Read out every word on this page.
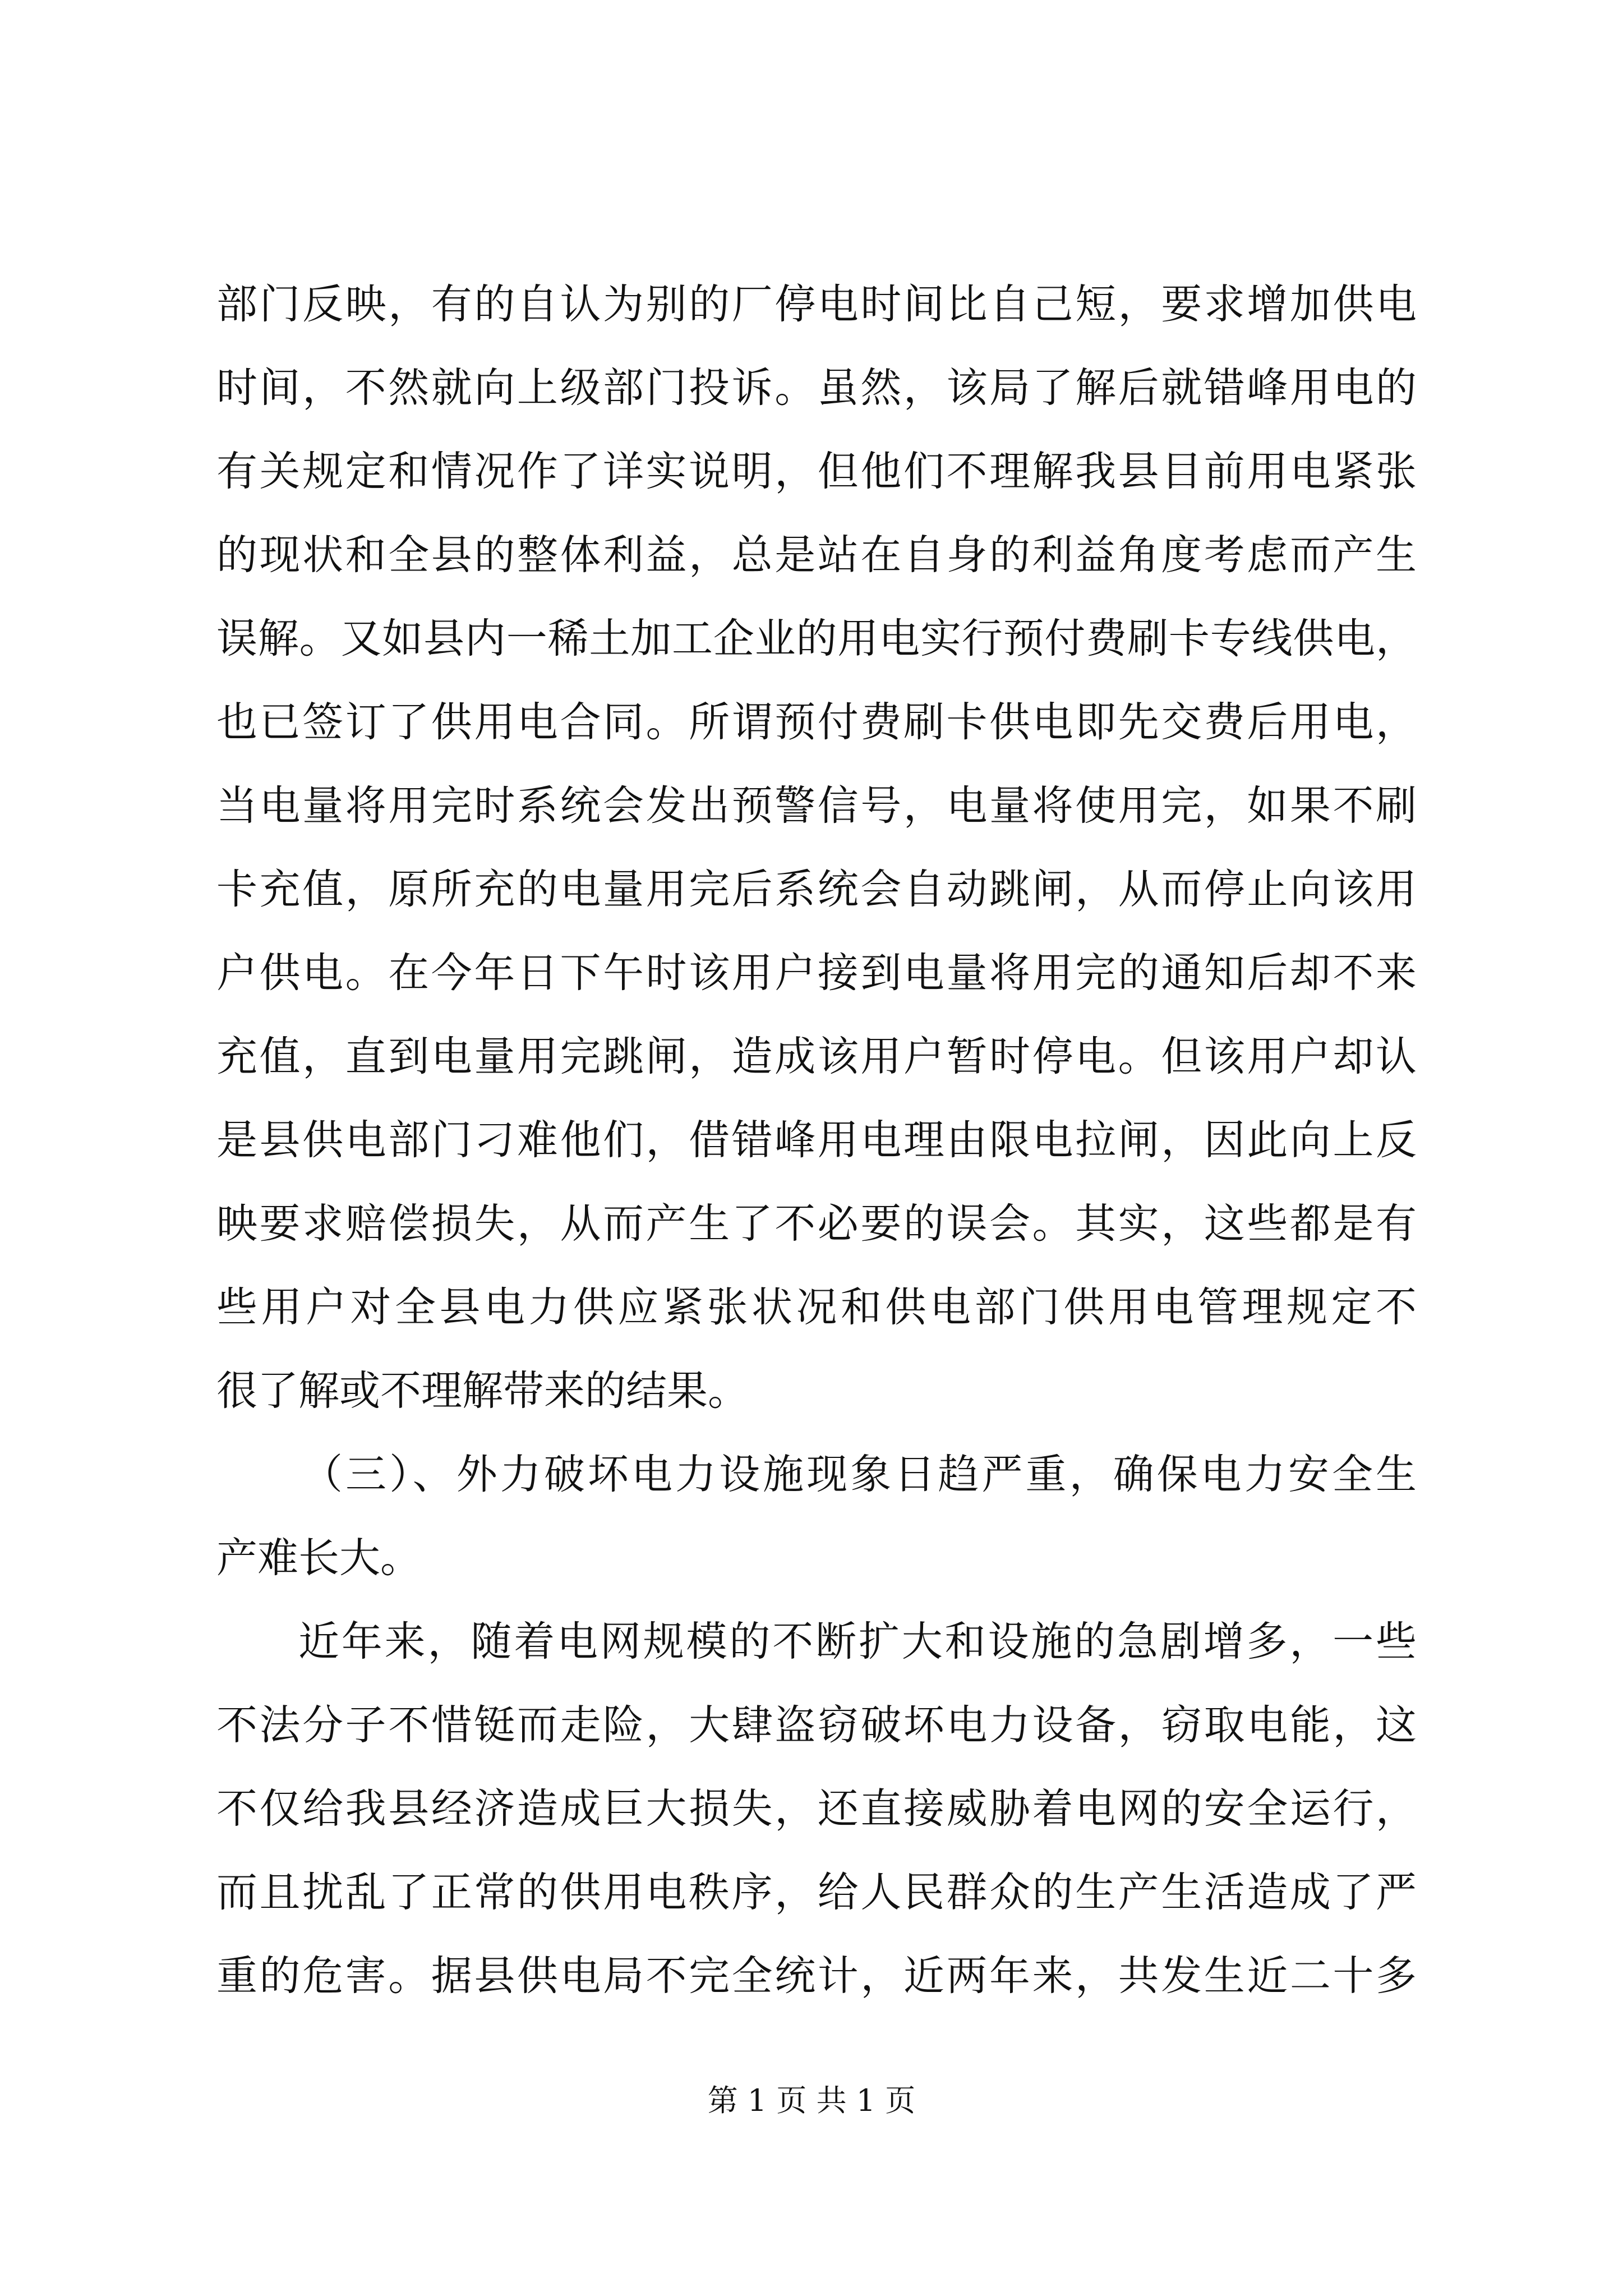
部门反映，有的自认为别的厂停电时间比自己短，要求增加供电
时间，不然就向上级部门投诉。虽然，该局了解后就错峰用电的
有关规定和情况作了详实说明，但他们不理解我县目前用电紧张
的现状和全县的整体利益，总是站在自身的利益角度考虑而产生
误解。又如县内一稀土加工企业的用电实行预付费刷卡专线供电，
也已签订了供用电合同。所谓预付费刷卡供电即先交费后用电，
当电量将用完时系统会发出预警信号，电量将使用完，如果不刷
卡充值，原所充的电量用完后系统会自动跳闸，从而停止向该用
户供电。在今年日下午时该用户接到电量将用完的通知后却不来
充值，直到电量用完跳闸，造成该用户暂时停电。但该用户却认
是县供电部门刁难他们，借错峰用电理由限电拉闸，因此向上反
映要求赔偿损失，从而产生了不必要的误会。其实，这些都是有
些用户对全县电力供应紧张状况和供电部门供用电管理规定不
很了解或不理解带来的结果。
（三）、外力破坏电力设施现象日趋严重，确保电力安全生
产难长大。
近年来，随着电网规模的不断扩大和设施的急剧增多，一些
不法分子不惜铤而走险，大肆盗窃破坏电力设备，窃取电能，这
不仅给我县经济造成巨大损失，还直接威胁着电网的安全运行，
而且扰乱了正常的供用电秩序，给人民群众的生产生活造成了严
重的危害。据县供电局不完全统计，近两年来，共发生近二十多
第 1 页 共 1 页
